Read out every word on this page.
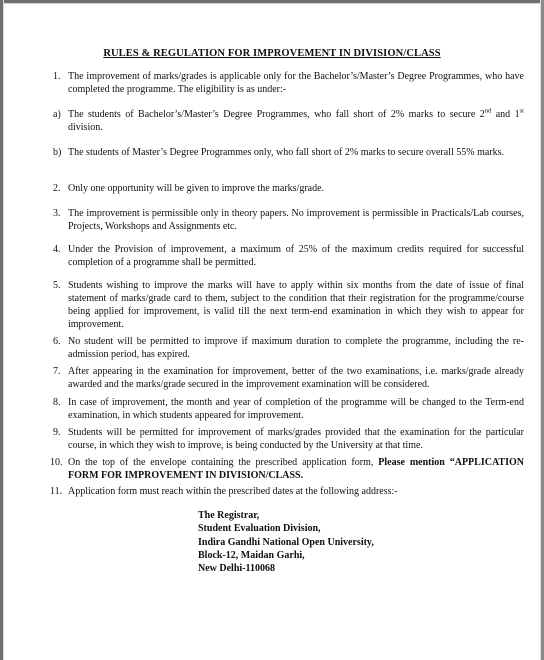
RULES & REGULATION FOR IMPROVEMENT IN DIVISION/CLASS
1. The improvement of marks/grades is applicable only for the Bachelor’s/Master’s Degree Programmes, who have completed the programme. The eligibility is as under:-
a) The students of Bachelor’s/Master’s Degree Programmes, who fall short of 2% marks to secure 2nd and 1st division.
b) The students of Master’s Degree Programmes only, who fall short of 2% marks to secure overall 55% marks.
2. Only one opportunity will be given to improve the marks/grade.
3. The improvement is permissible only in theory papers. No improvement is permissible in Practicals/Lab courses, Projects, Workshops and Assignments etc.
4. Under the Provision of improvement, a maximum of 25% of the maximum credits required for successful completion of a programme shall be permitted.
5. Students wishing to improve the marks will have to apply within six months from the date of issue of final statement of marks/grade card to them, subject to the condition that their registration for the programme/course being applied for improvement, is valid till the next term-end examination in which they wish to appear for improvement.
6. No student will be permitted to improve if maximum duration to complete the programme, including the re-admission period, has expired.
7. After appearing in the examination for improvement, better of the two examinations, i.e. marks/grade already awarded and the marks/grade secured in the improvement examination will be considered.
8. In case of improvement, the month and year of completion of the programme will be changed to the Term-end examination, in which students appeared for improvement.
9. Students will be permitted for improvement of marks/grades provided that the examination for the particular course, in which they wish to improve, is being conducted by the University at that time.
10. On the top of the envelope containing the prescribed application form, Please mention “APPLICATION FORM FOR IMPROVEMENT IN DIVISION/CLASS.
11. Application form must reach within the prescribed dates at the following address:-
The Registrar,
Student Evaluation Division,
Indira Gandhi National Open University,
Block-12, Maidan Garhi,
New Delhi-110068
